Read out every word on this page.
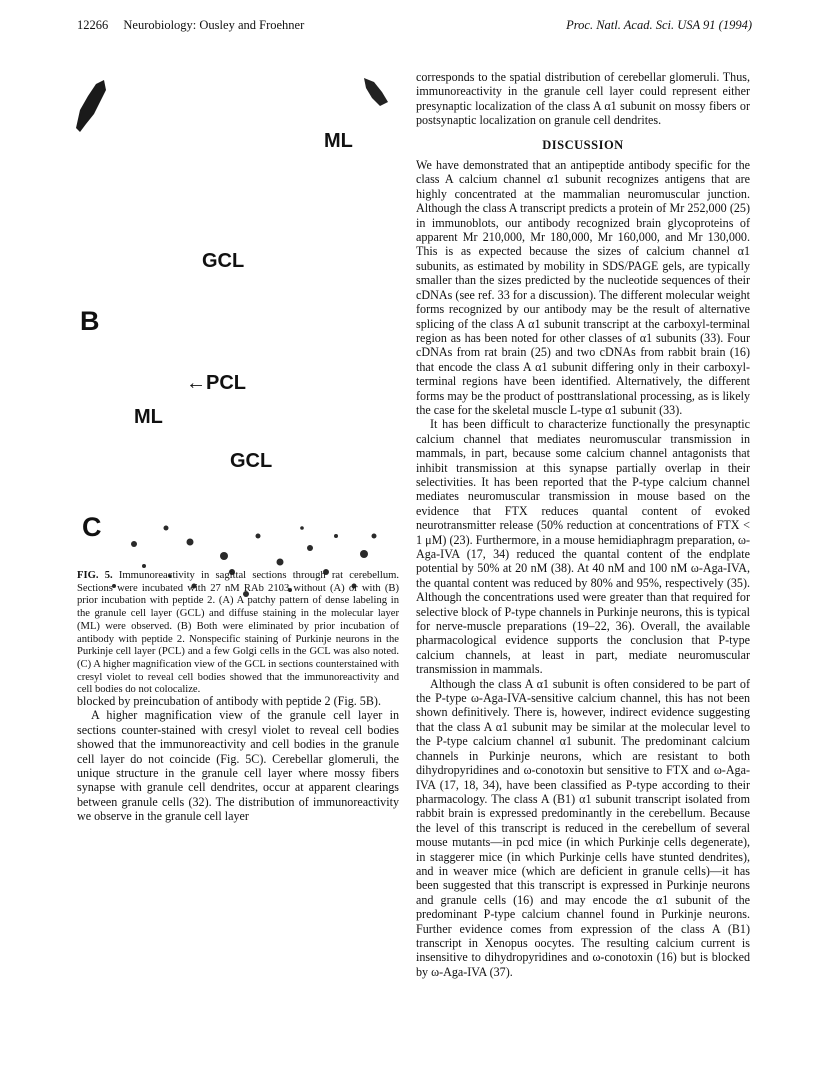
12266 Neurobiology: Ousley and Froehner	Proc. Natl. Acad. Sci. USA 91 (1994)
ML
GCL
B
←PCL
ML
GCL
C
FIG. 5. Immunoreactivity in sagittal sections through rat cerebellum. Sections were incubated with 27 nM RAb 2103 without (A) or with (B) prior incubation with peptide 2. (A) A patchy pattern of dense labeling in the granule cell layer (GCL) and diffuse staining in the molecular layer (ML) were observed. (B) Both were eliminated by prior incubation of antibody with peptide 2. Nonspecific staining of Purkinje neurons in the Purkinje cell layer (PCL) and a few Golgi cells in the GCL was also noted. (C) A higher magnification view of the GCL in sections counterstained with cresyl violet to reveal cell bodies showed that the immunoreactivity and cell bodies do not colocalize.

blocked by preincubation of antibody with peptide 2 (Fig. 5B).

A higher magnification view of the granule cell layer in sections counter-stained with cresyl violet to reveal cell bodies showed that the immunoreactivity and cell bodies in the granule cell layer do not coincide (Fig. 5C). Cerebellar glomeruli, the unique structure in the granule cell layer where mossy fibers synapse with granule cell dendrites, occur at apparent clearings between granule cells (32). The distribution of immunoreactivity we observe in the granule cell layer

corresponds to the spatial distribution of cerebellar glomeruli. Thus, immunoreactivity in the granule cell layer could represent either presynaptic localization of the class A α1 subunit on mossy fibers or postsynaptic localization on granule cell dendrites.

DISCUSSION

We have demonstrated that an antipeptide antibody specific for the class A calcium channel α1 subunit recognizes antigens that are highly concentrated at the mammalian neuromuscular junction. Although the class A transcript predicts a protein of Mr 252,000 (25) in immunoblots, our antibody recognized brain glycoproteins of apparent Mr 210,000, Mr 180,000, Mr 160,000, and Mr 130,000. This is as expected because the sizes of calcium channel α1 subunits, as estimated by mobility in SDS/PAGE gels, are typically smaller than the sizes predicted by the nucleotide sequences of their cDNAs (see ref. 33 for a discussion). The different molecular weight forms recognized by our antibody may be the result of alternative splicing of the class A α1 subunit transcript at the carboxyl-terminal region as has been noted for other classes of α1 subunits (33). Four cDNAs from rat brain (25) and two cDNAs from rabbit brain (16) that encode the class A α1 subunit differing only in their carboxyl-terminal regions have been identified. Alternatively, the different forms may be the product of posttranslational processing, as is likely the case for the skeletal muscle L-type α1 subunit (33).

It has been difficult to characterize functionally the presynaptic calcium channel that mediates neuromuscular transmission in mammals, in part, because some calcium channel antagonists that inhibit transmission at this synapse partially overlap in their selectivities. It has been reported that the P-type calcium channel mediates neuromuscular transmission in mouse based on the evidence that FTX reduces quantal content of evoked neurotransmitter release (50% reduction at concentrations of FTX < 1 μM) (23). Furthermore, in a mouse hemidiaphragm preparation, ω-Aga-IVA (17, 34) reduced the quantal content of the endplate potential by 50% at 20 nM (38). At 40 nM and 100 nM ω-Aga-IVA, the quantal content was reduced by 80% and 95%, respectively (35). Although the concentrations used were greater than that required for selective block of P-type channels in Purkinje neurons, this is typical for nerve-muscle preparations (19–22, 36). Overall, the available pharmacological evidence supports the conclusion that P-type calcium channels, at least in part, mediate neuromuscular transmission in mammals.

Although the class A α1 subunit is often considered to be part of the P-type ω-Aga-IVA-sensitive calcium channel, this has not been shown definitively. There is, however, indirect evidence suggesting that the class A α1 subunit may be similar at the molecular level to the P-type calcium channel α1 subunit. The predominant calcium channels in Purkinje neurons, which are resistant to both dihydropyridines and ω-conotoxin but sensitive to FTX and ω-Aga-IVA (17, 18, 34), have been classified as P-type according to their pharmacology. The class A (B1) α1 subunit transcript isolated from rabbit brain is expressed predominantly in the cerebellum. Because the level of this transcript is reduced in the cerebellum of several mouse mutants—in pcd mice (in which Purkinje cells degenerate), in staggerer mice (in which Purkinje cells have stunted dendrites), and in weaver mice (which are deficient in granule cells)—it has been suggested that this transcript is expressed in Purkinje neurons and granule cells (16) and may encode the α1 subunit of the predominant P-type calcium channel found in Purkinje neurons. Further evidence comes from expression of the class A (B1) transcript in Xenopus oocytes. The resulting calcium current is insensitive to dihydropyridines and ω-conotoxin (16) but is blocked by ω-Aga-IVA (37).
